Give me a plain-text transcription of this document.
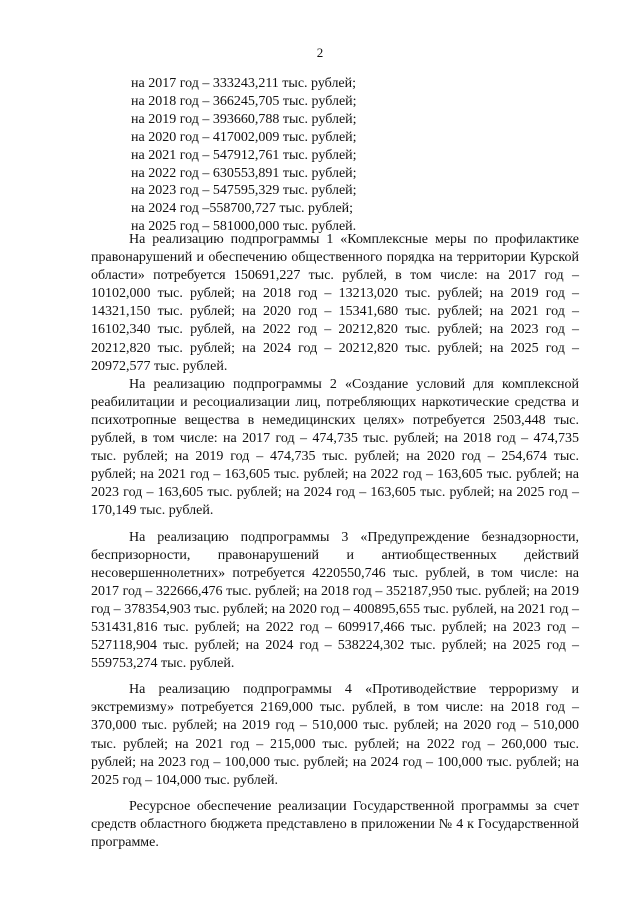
2
на 2017 год – 333243,211 тыс. рублей;
на 2018 год – 366245,705 тыс. рублей;
на 2019 год – 393660,788 тыс. рублей;
на 2020 год – 417002,009 тыс. рублей;
на 2021 год – 547912,761 тыс. рублей;
на 2022 год – 630553,891 тыс. рублей;
на 2023 год – 547595,329 тыс. рублей;
на 2024 год –558700,727 тыс. рублей;
на 2025 год – 581000,000 тыс. рублей.

На реализацию подпрограммы 1 «Комплексные меры по профилактике правонарушений и обеспечению общественного порядка на территории Курской области» потребуется 150691,227 тыс. рублей, в том числе: на 2017 год – 10102,000 тыс. рублей; на 2018 год – 13213,020 тыс. рублей; на 2019 год – 14321,150 тыс. рублей; на 2020 год – 15341,680 тыс. рублей; на 2021 год – 16102,340 тыс. рублей, на 2022 год – 20212,820 тыс. рублей; на 2023 год – 20212,820 тыс. рублей; на 2024 год – 20212,820 тыс. рублей; на 2025 год – 20972,577 тыс. рублей.

На реализацию подпрограммы 2 «Создание условий для комплексной реабилитации и ресоциализации лиц, потребляющих наркотические средства и психотропные вещества в немедицинских целях» потребуется 2503,448 тыс. рублей, в том числе: на 2017 год – 474,735 тыс. рублей; на 2018 год – 474,735 тыс. рублей; на 2019 год – 474,735 тыс. рублей; на 2020 год – 254,674 тыс. рублей; на 2021 год – 163,605 тыс. рублей; на 2022 год – 163,605 тыс. рублей; на 2023 год – 163,605 тыс. рублей; на 2024 год – 163,605 тыс. рублей; на 2025 год – 170,149 тыс. рублей.

На реализацию подпрограммы 3 «Предупреждение безнадзорности, беспризорности, правонарушений и антиобщественных действий несовершеннолетних» потребуется 4220550,746 тыс. рублей, в том числе: на 2017 год – 322666,476 тыс. рублей; на 2018 год – 352187,950 тыс. рублей; на 2019 год – 378354,903 тыс. рублей; на 2020 год – 400895,655 тыс. рублей, на 2021 год – 531431,816 тыс. рублей; на 2022 год – 609917,466 тыс. рублей; на 2023 год – 527118,904 тыс. рублей; на 2024 год – 538224,302 тыс. рублей; на 2025 год – 559753,274 тыс. рублей.

На реализацию подпрограммы 4 «Противодействие терроризму и экстремизму» потребуется 2169,000 тыс. рублей, в том числе: на 2018 год – 370,000 тыс. рублей; на 2019 год – 510,000 тыс. рублей; на 2020 год – 510,000 тыс. рублей; на 2021 год – 215,000 тыс. рублей; на 2022 год – 260,000 тыс. рублей; на 2023 год – 100,000 тыс. рублей; на 2024 год – 100,000 тыс. рублей; на 2025 год – 104,000 тыс. рублей.

Ресурсное обеспечение реализации Государственной программы за счет средств областного бюджета представлено в приложении № 4 к Государственной программе.
